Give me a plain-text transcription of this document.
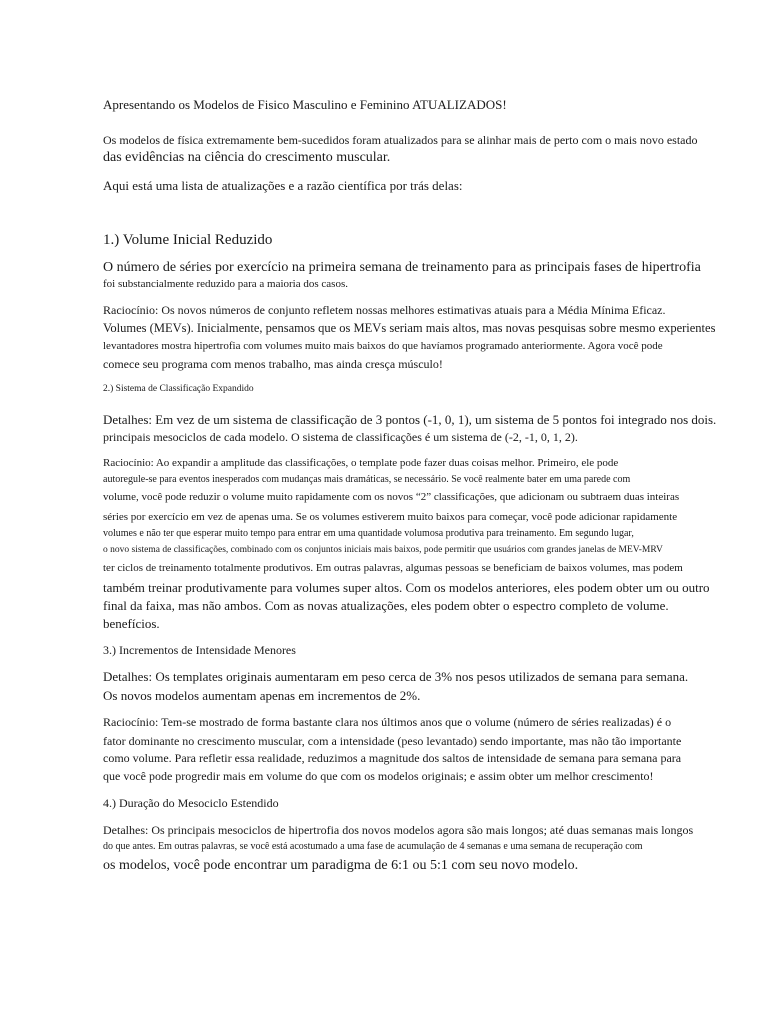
Apresentando os Modelos de Fisico Masculino e Feminino ATUALIZADOS!
Os modelos de física extremamente bem-sucedidos foram atualizados para se alinhar mais de perto com o mais novo estado
das evidências na ciência do crescimento muscular.
Aqui está uma lista de atualizações e a razão científica por trás delas:
1.) Volume Inicial Reduzido
O número de séries por exercício na primeira semana de treinamento para as principais fases de hipertrofia
foi substancialmente reduzido para a maioria dos casos.
Raciocínio: Os novos números de conjunto refletem nossas melhores estimativas atuais para a Média Mínima Eficaz.
Volumes (MEVs). Inicialmente, pensamos que os MEVs seriam mais altos, mas novas pesquisas sobre mesmo experientes
levantadores mostra hipertrofia com volumes muito mais baixos do que havíamos programado anteriormente. Agora você pode
comece seu programa com menos trabalho, mas ainda cresça músculo!
2.) Sistema de Classificação Expandido
Detalhes: Em vez de um sistema de classificação de 3 pontos (-1, 0, 1), um sistema de 5 pontos foi integrado nos dois.
principais mesociclos de cada modelo. O sistema de classificações é um sistema de (-2, -1, 0, 1, 2).
Raciocínio: Ao expandir a amplitude das classificações, o template pode fazer duas coisas melhor. Primeiro, ele pode
autoregule-se para eventos inesperados com mudanças mais dramáticas, se necessário. Se você realmente bater em uma parede com
volume, você pode reduzir o volume muito rapidamente com os novos “2” classificações, que adicionam ou subtraem duas inteiras
séries por exercício em vez de apenas uma. Se os volumes estiverem muito baixos para começar, você pode adicionar rapidamente
volumes e não ter que esperar muito tempo para entrar em uma quantidade volumosa produtiva para treinamento. Em segundo lugar,
o novo sistema de classificações, combinado com os conjuntos iniciais mais baixos, pode permitir que usuários com grandes janelas de MEV-MRV
ter ciclos de treinamento totalmente produtivos. Em outras palavras, algumas pessoas se beneficiam de baixos volumes, mas podem
também treinar produtivamente para volumes super altos. Com os modelos anteriores, eles podem obter um ou outro
final da faixa, mas não ambos. Com as novas atualizações, eles podem obter o espectro completo de volume.
benefícios.
3.) Incrementos de Intensidade Menores
Detalhes: Os templates originais aumentaram em peso cerca de 3% nos pesos utilizados de semana para semana.
Os novos modelos aumentam apenas em incrementos de 2%.
Raciocínio: Tem-se mostrado de forma bastante clara nos últimos anos que o volume (número de séries realizadas) é o
fator dominante no crescimento muscular, com a intensidade (peso levantado) sendo importante, mas não tão importante
como volume. Para refletir essa realidade, reduzimos a magnitude dos saltos de intensidade de semana para semana para
que você pode progredir mais em volume do que com os modelos originais; e assim obter um melhor crescimento!
4.) Duração do Mesociclo Estendido
Detalhes: Os principais mesociclos de hipertrofia dos novos modelos agora são mais longos; até duas semanas mais longos
do que antes. Em outras palavras, se você está acostumado a uma fase de acumulação de 4 semanas e uma semana de recuperação com
os modelos, você pode encontrar um paradigma de 6:1 ou 5:1 com seu novo modelo.
